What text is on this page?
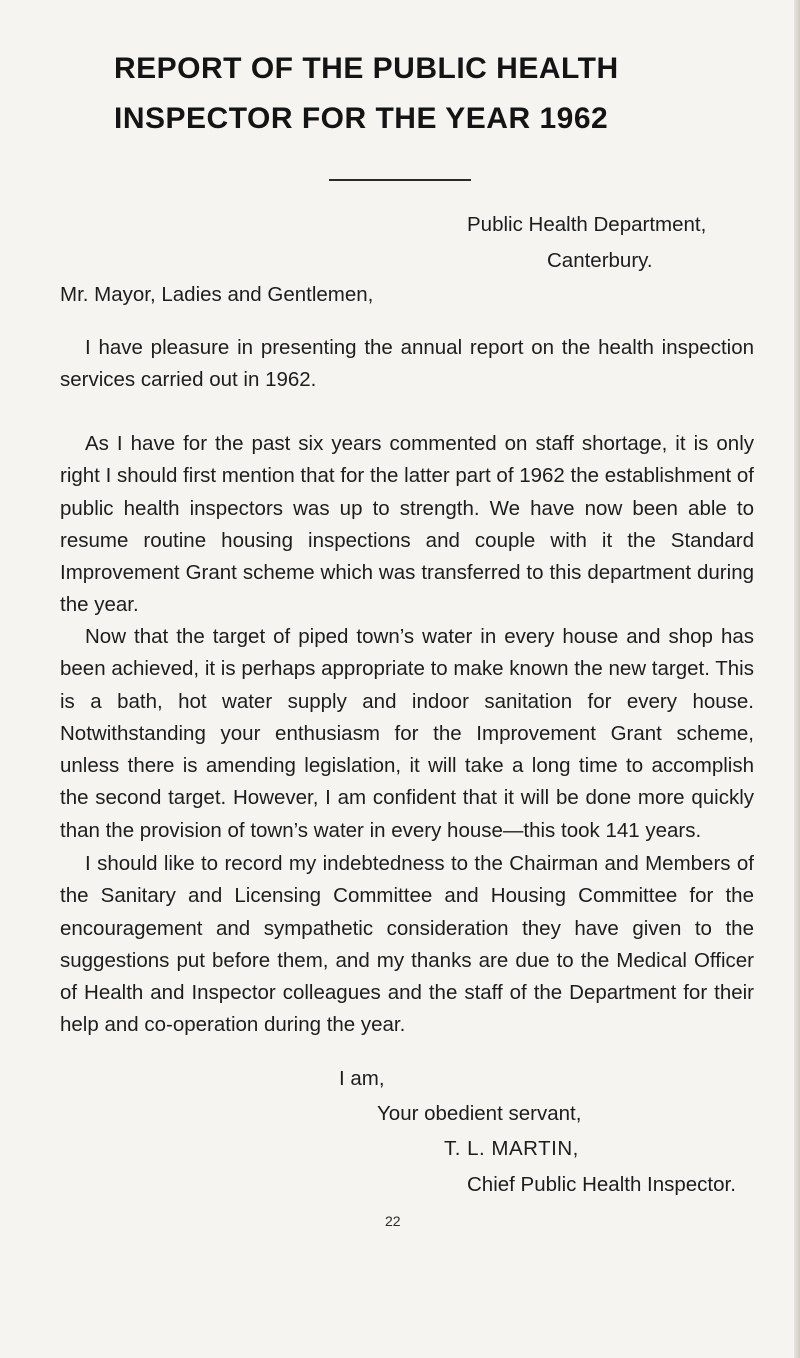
REPORT OF THE PUBLIC HEALTH
INSPECTOR FOR THE YEAR 1962
Public Health Department,
Canterbury.
Mr. Mayor, Ladies and Gentlemen,
I have pleasure in presenting the annual report on the health inspection services carried out in 1962.
As I have for the past six years commented on staff shortage, it is only right I should first mention that for the latter part of 1962 the establishment of public health inspectors was up to strength. We have now been able to resume routine housing inspections and couple with it the Standard Improvement Grant scheme which was transferred to this department during the year.
Now that the target of piped town’s water in every house and shop has been achieved, it is perhaps appropriate to make known the new target. This is a bath, hot water supply and indoor sanitation for every house. Notwithstanding your enthusiasm for the Improvement Grant scheme, unless there is amending legislation, it will take a long time to accomplish the second target. However, I am confident that it will be done more quickly than the provision of town’s water in every house—this took 141 years.
I should like to record my indebtedness to the Chairman and Members of the Sanitary and Licensing Committee and Housing Committee for the encouragement and sympathetic consideration they have given to the suggestions put before them, and my thanks are due to the Medical Officer of Health and Inspector colleagues and the staff of the Department for their help and co-operation during the year.
I am,
Your obedient servant,
T. L. MARTIN,
Chief Public Health Inspector.
22
